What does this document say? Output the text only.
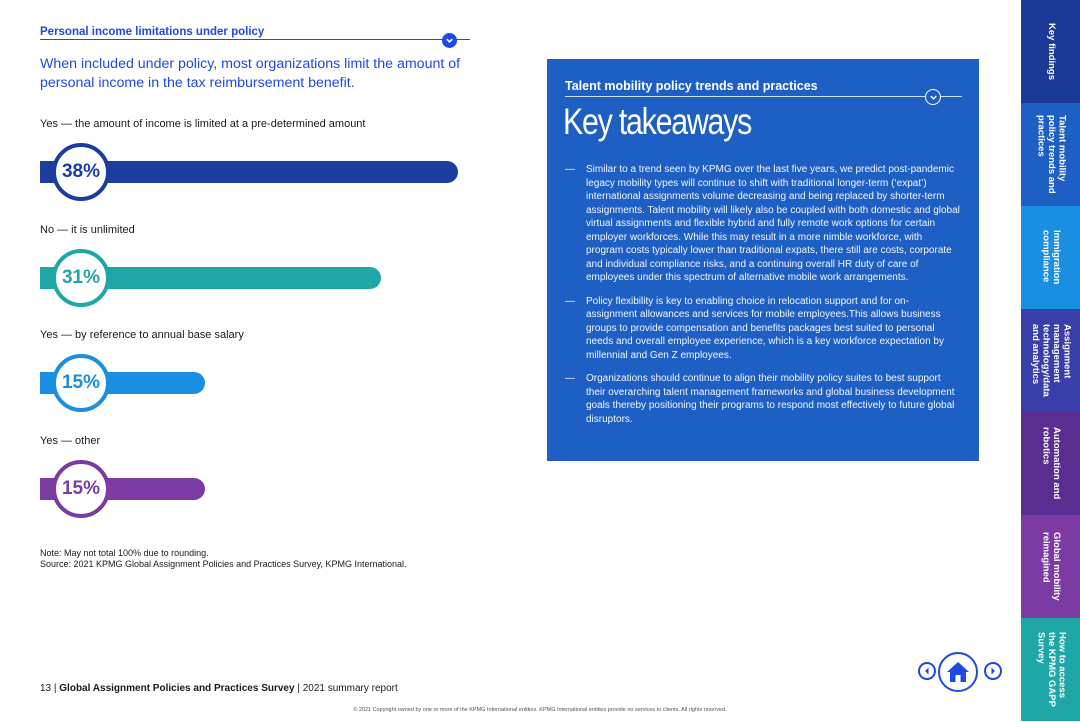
Personal income limitations under policy
When included under policy, most organizations limit the amount of personal income in the tax reimbursement benefit.
Yes — the amount of income is limited at a pre-determined amount
38%
No — it is unlimited
31%
Yes — by reference to annual base salary
15%
Yes — other
15%
Note: May not total 100% due to rounding.
Source: 2021 KPMG Global Assignment Policies and Practices Survey, KPMG International.
Talent mobility policy trends and practices
Key takeaways
— Similar to a trend seen by KPMG over the last five years, we predict post-pandemic legacy mobility types will continue to shift with traditional longer-term (‘expat’) international assignments volume decreasing and being replaced by shorter-term assignments. Talent mobility will likely also be coupled with both domestic and global virtual assignments and flexible hybrid and fully remote work options for certain employer workforces. While this may result in a more nimble workforce, with program costs typically lower than traditional expats, there still are costs, corporate and individual compliance risks, and a continuing overall HR duty of care of employees under this spectrum of alternative mobile work arrangements.
— Policy flexibility is key to enabling choice in relocation support and for on-assignment allowances and services for mobile employees.This allows business groups to provide compensation and benefits packages best suited to personal needs and overall employee experience, which is a key workforce expectation by millennial and Gen Z employees.
— Organizations should continue to align their mobility policy suites to best support their overarching talent management frameworks and global business development goals thereby positioning their programs to respond most effectively to future global disruptors.
Key findings
Talent mobility
policy trends and
practices
Immigration
compliance
Assignment
management
technology/data
and analytics
Automation and
robotics
Global mobility
reimagined
How to access
the KPMG GAPP
Survey
13 | Global Assignment Policies and Practices Survey | 2021 summary report
© 2021 Copyright owned by one or more of the KPMG International entities. KPMG International entities provide no services to clients. All rights reserved.
